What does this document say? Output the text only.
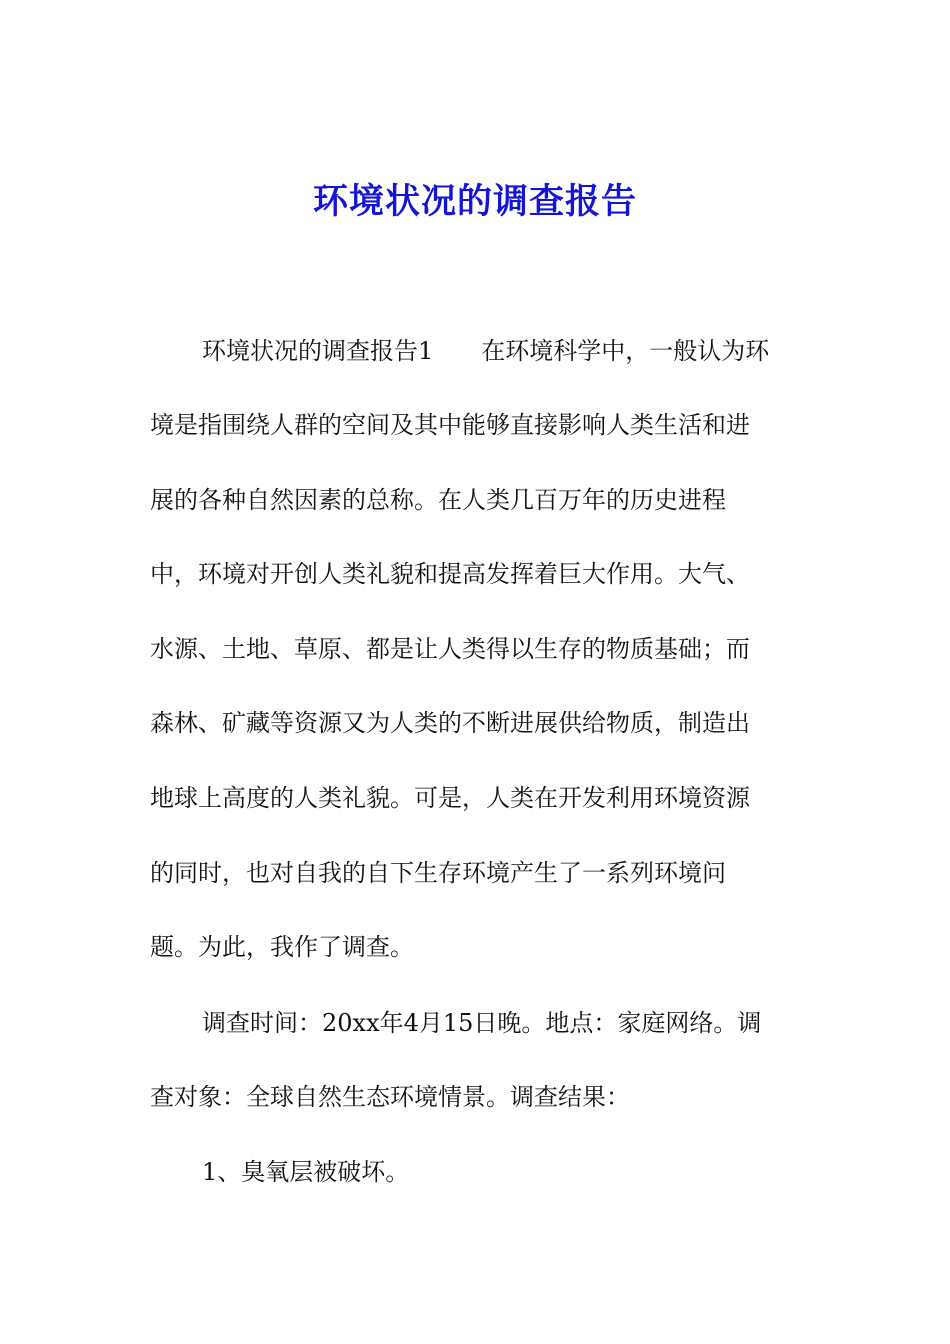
环境状况的调查报告

环境状况的调查报告1 在环境科学中，一般认为环

境是指围绕人群的空间及其中能够直接影响人类生活和进

展的各种自然因素的总称。在人类几百万年的历史进程

中，环境对开创人类礼貌和提高发挥着巨大作用。大气、

水源、土地、草原、都是让人类得以生存的物质基础；而

森林、矿藏等资源又为人类的不断进展供给物质，制造出

地球上高度的人类礼貌。可是，人类在开发利用环境资源

的同时，也对自我的自下生存环境产生了一系列环境问

题。为此，我作了调查。

调查时间：20xx年4月15日晚。地点：家庭网络。调

查对象：全球自然生态环境情景。调查结果：

1、臭氧层被破坏。
